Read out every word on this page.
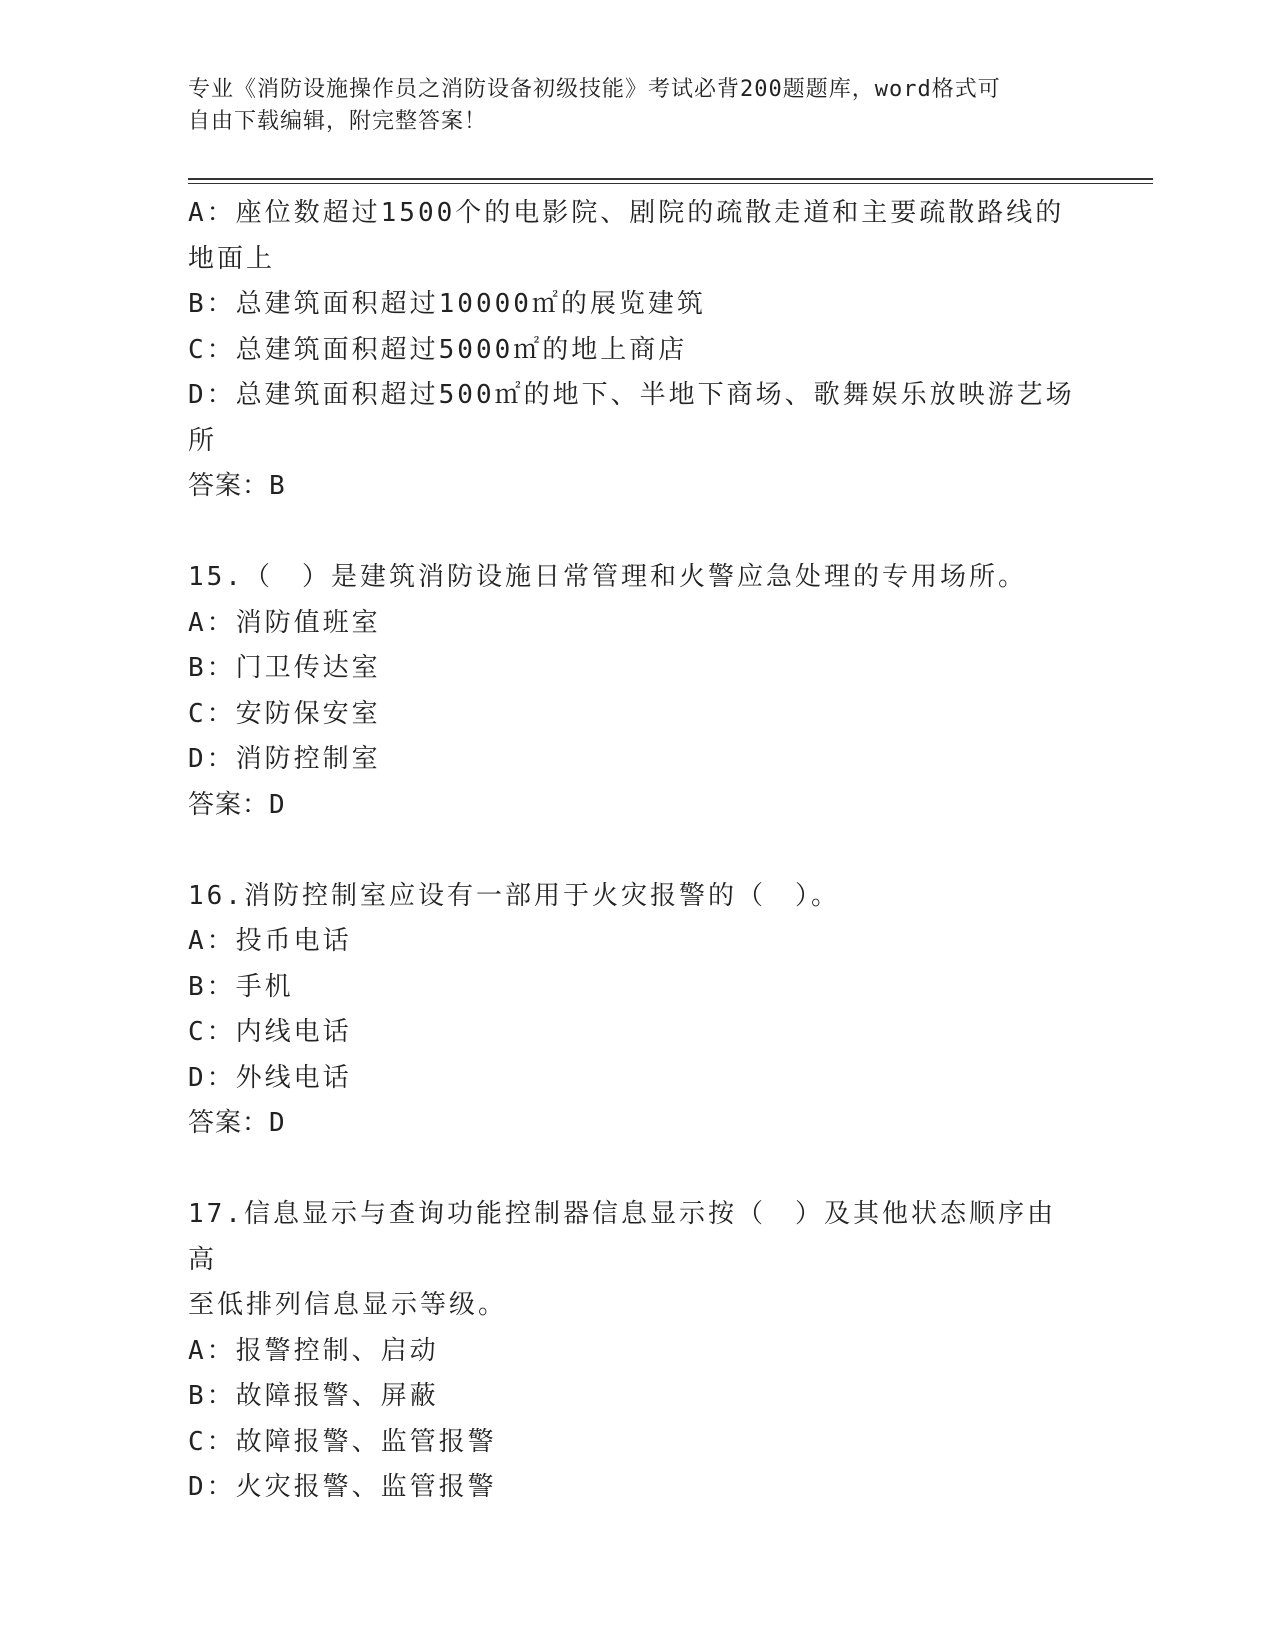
专业《消防设施操作员之消防设备初级技能》考试必背200题题库，word格式可

自由下载编辑，附完整答案！

A：座位数超过1500个的电影院、剧院的疏散走道和主要疏散路线的

地面上

B：总建筑面积超过10000㎡的展览建筑

C：总建筑面积超过5000㎡的地上商店

D：总建筑面积超过500㎡的地下、半地下商场、歌舞娱乐放映游艺场

所

答案：B

15.（　）是建筑消防设施日常管理和火警应急处理的专用场所。

A：消防值班室

B：门卫传达室

C：安防保安室

D：消防控制室

答案：D

16.消防控制室应设有一部用于火灾报警的（　）。

A：投币电话

B：手机

C：内线电话

D：外线电话

答案：D

17.信息显示与查询功能控制器信息显示按（　）及其他状态顺序由高

至低排列信息显示等级。

A：报警控制、启动

B：故障报警、屏蔽

C：故障报警、监管报警

D：火灾报警、监管报警
